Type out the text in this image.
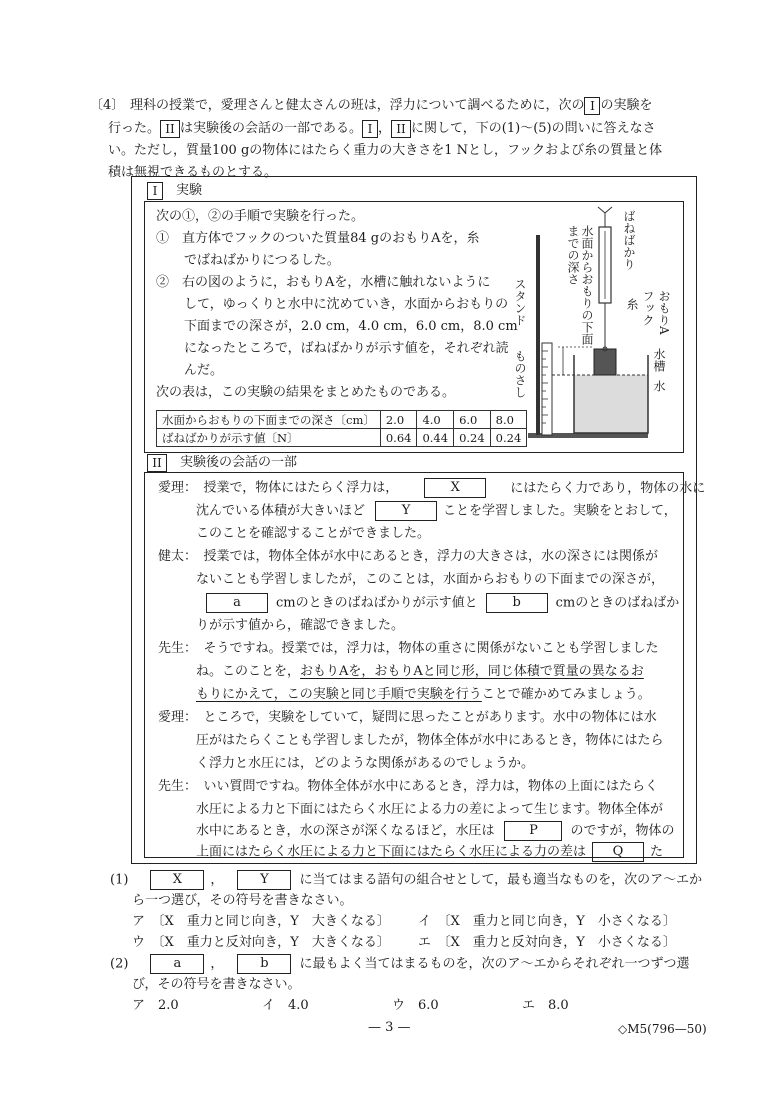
〔4〕 理科の授業で，愛理さんと健太さんの班は，浮力について調べるために，次の I の実験を
行った。 II は実験後の会話の一部である。 I ， II に関して，下の(1)〜(5)の問いに答えなさ
い。ただし，質量100 gの物体にはたらく重力の大きさを1 Nとし，フックおよび糸の質量と体
積は無視できるものとする。
I　 実験
次の①，②の手順で実験を行った。
①　直方体でフックのついた質量84 gのおもりAを，糸
でばねばかりにつるした。
②　右の図のように，おもりAを，水槽に触れないように
して，ゆっくりと水中に沈めていき，水面からおもりの
下面までの深さが，2.0 cm，4.0 cm，6.0 cm，8.0 cm
になったところで，ばねばかりが示す値を，それぞれ読
んだ。
次の表は，この実験の結果をまとめたものである。
水面からおもりの下面までの深さ〔cm〕	2.0	4.0	6.0	8.0
ばねばかりが示す値〔N〕	0.64	0.44	0.24	0.24
ばねばかり
水面からおもりの下面までの深さ
スタンド	糸 フック おもりA
水槽
水
ものさし
II　 実験後の会話の一部
愛理：　授業で，物体にはたらく浮力は，	X	にはたらく力であり，物体の水に
沈んでいる体積が大きいほど	Y	ことを学習しました。実験をとおして，
このことを確認することができました。
健太：　授業では，物体全体が水中にあるとき，浮力の大きさは，水の深さには関係が
ないことも学習しましたが，このことは，水面からおもりの下面までの深さが，
a	cmのときのばねばかりが示す値と	b	cmのときのばねばか
りが示す値から，確認できました。
先生：　そうですね。授業では，浮力は，物体の重さに関係がないことも学習しました
ね。このことを，おもりAを，おもりAと同じ形，同じ体積で質量の異なるお
もりにかえて，この実験と同じ手順で実験を行うことで確かめてみましょう。
愛理：　ところで，実験をしていて，疑問に思ったことがあります。水中の物体には水
圧がはたらくことも学習しましたが，物体全体が水中にあるとき，物体にはたら
く浮力と水圧には，どのような関係があるのでしょうか。
先生：　いい質問ですね。物体全体が水中にあるとき，浮力は，物体の上面にはたらく
水圧による力と下面にはたらく水圧による力の差によって生じます。物体全体が
水中にあるとき，水の深さが深くなるほど，水圧は	P	のですが，物体の
上面にはたらく水圧による力と下面にはたらく水圧による力の差は Q た
(1)	X ，	Y に当てはまる語句の組合せとして，最も適当なものを，次のア〜エか
ら一つ選び，その符号を書きなさい。
ア　〔X　重力と同じ向き，Y　大きくなる〕 イ　〔X　重力と同じ向き，Y　小さくなる〕
ウ　〔X　重力と反対向き，Y　大きくなる〕 エ　〔X　重力と反対向き，Y　小さくなる〕
(2)	a ，	b に最もよく当てはまるものを，次のア〜エからそれぞれ一つずつ選
び，その符号を書きなさい。
ア　2.0	イ　4.0	ウ　6.0	エ　8.0
— 3 —	◇M5(796—50)
